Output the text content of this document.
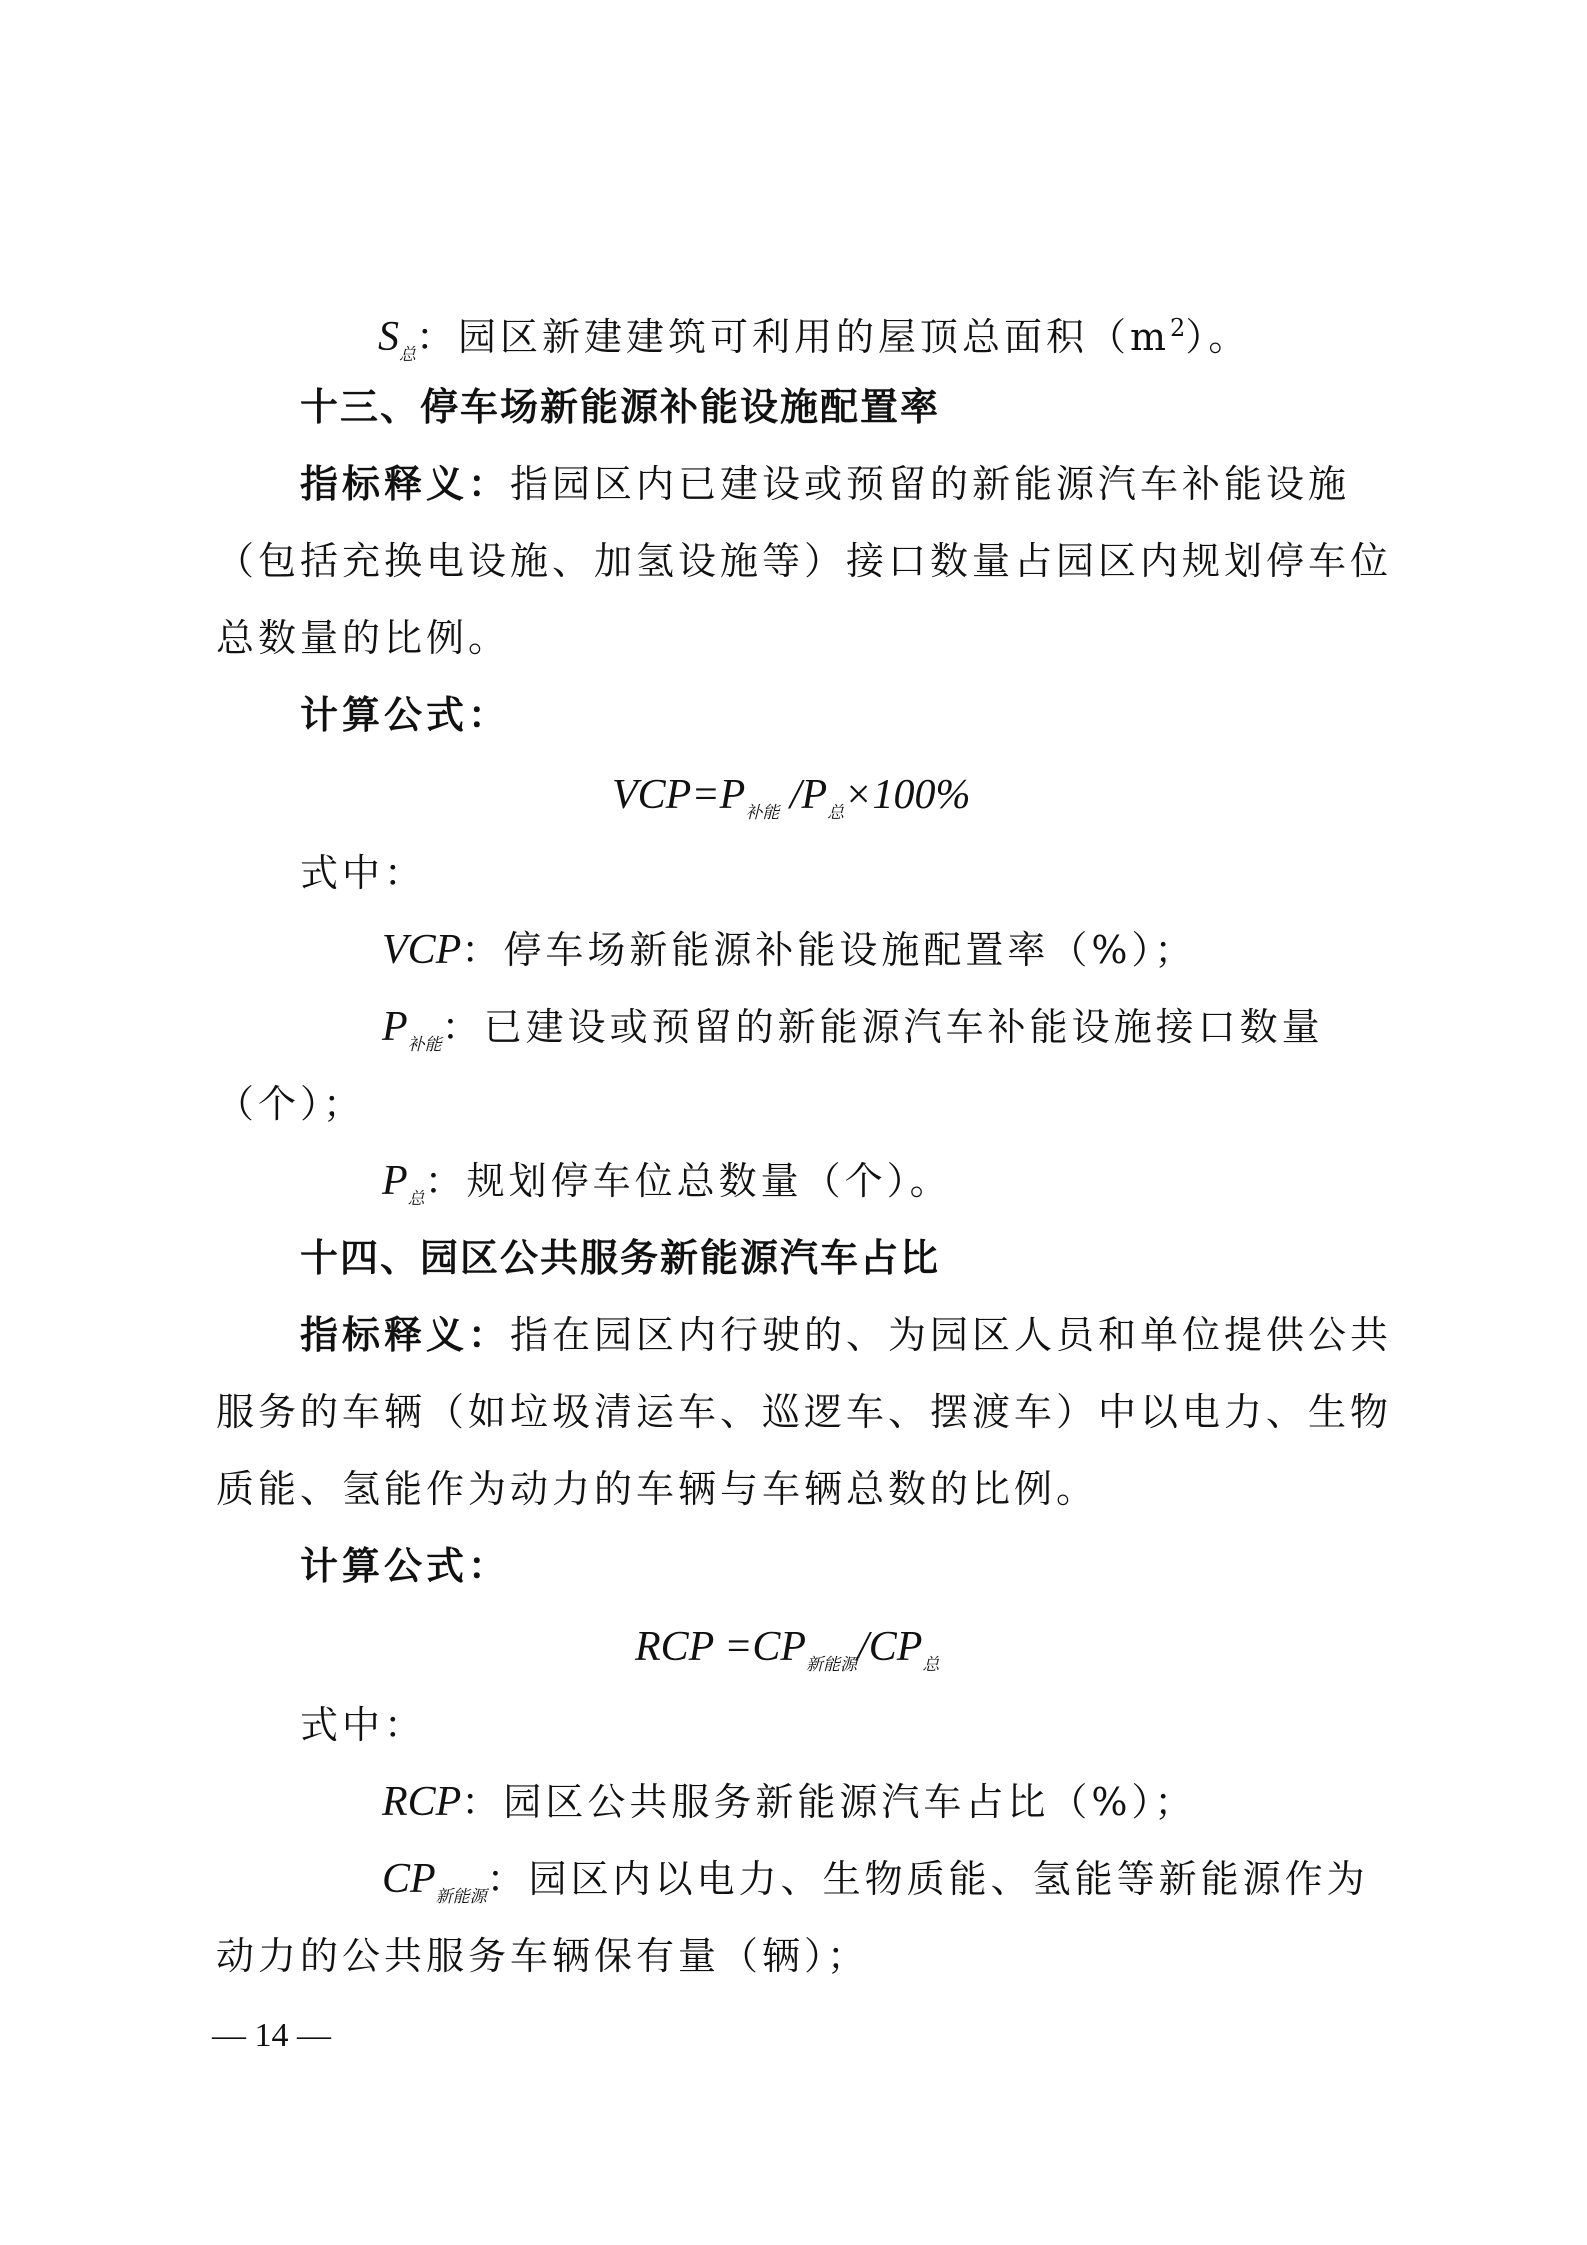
$S_总$：园区新建建筑可利用的屋顶总面积$(m^2)$。
十三、停车场新能源补能设施配置率
指标释义：指园区内已建设或预留的新能源汽车补能设施
（包括充换电设施、加氢设施等）接口数量占园区内规划停车位
总数量的比例。
计算公式：
$VCP=P_{补能}$ $/P_总\times 100\%$
式中：
VCP：停车场新能源补能设施配置率（%）；
$P_{补能}$：已建设或预留的新能源汽车补能设施接口数量
（个）；
$P_总$：规划停车位总数量（个）。
十四、园区公共服务新能源汽车占比
指标释义：指在园区内行驶的、为园区人员和单位提供公共
服务的车辆（如垃圾清运车、巡逻车、摆渡车）中以电力、生物
质能、氢能作为动力的车辆与车辆总数的比例。
计算公式：
RCP $=CP_{新能源}/CP_总$
式中：
RCP：园区公共服务新能源汽车占比（%）；
$CP_{新能源}$：园区内以电力、生物质能、氢能等新能源作为
动力的公共服务车辆保有量（辆）；
— 14 —
